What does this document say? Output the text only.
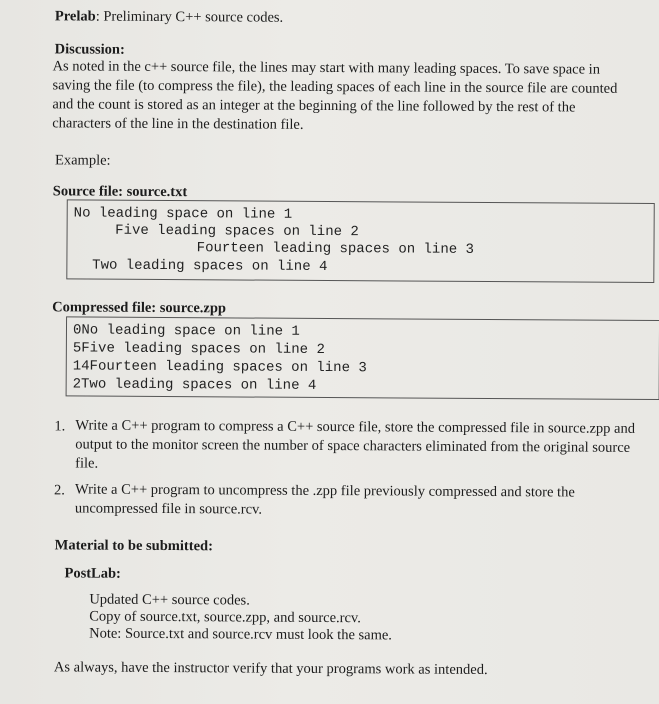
Prelab: Preliminary C++ source codes.
Discussion:
As noted in the c++ source file, the lines may start with many leading spaces. To save space in
saving the file (to compress the file), the leading spaces of each line in the source file are counted
and the count is stored as an integer at the beginning of the line followed by the rest of the
characters of the line in the destination file.
Example:
Source file: source.txt
No leading space on line 1
Five leading spaces on line 2
Fourteen leading spaces on line 3
Two leading spaces on line 4
Compressed file: source.zpp
0No leading space on line 1
5Five leading spaces on line 2
14Fourteen leading spaces on line 3
2Two leading spaces on line 4
1. Write a C++ program to compress a C++ source file, store the compressed file in source.zpp and output to the monitor screen the number of space characters eliminated from the original source file.
2. Write a C++ program to uncompress the .zpp file previously compressed and store the uncompressed file in source.rcv.
Material to be submitted:
PostLab:
Updated C++ source codes.
Copy of source.txt, source.zpp, and source.rcv.
Note: Source.txt and source.rcv must look the same.
As always, have the instructor verify that your programs work as intended.
